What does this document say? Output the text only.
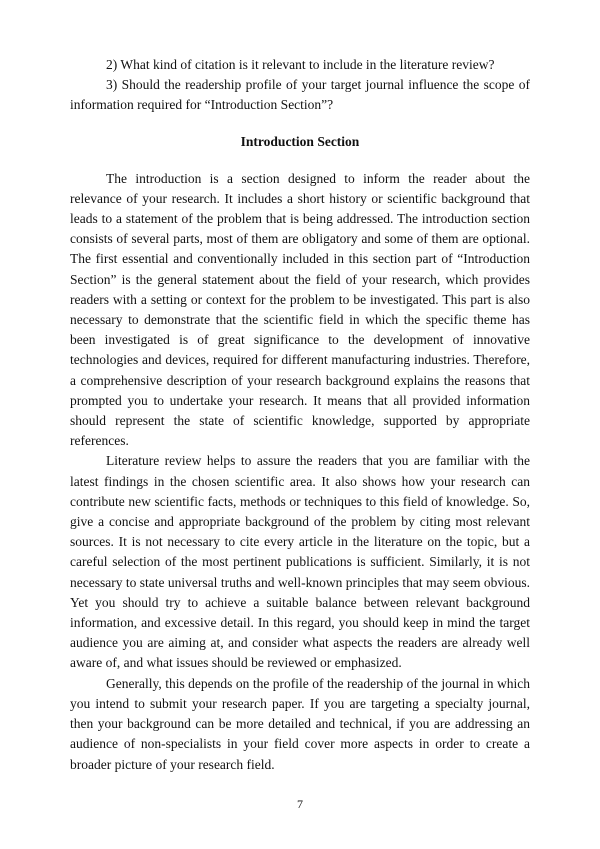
2) What kind of citation is it relevant to include in the literature review?

3) Should the readership profile of your target journal influence the scope of information required for “Introduction Section”?

Introduction Section

The introduction is a section designed to inform the reader about the relevance of your research. It includes a short history or scientific background that leads to a statement of the problem that is being addressed. The introduction section consists of several parts, most of them are obligatory and some of them are optional. The first essential and conventionally included in this section part of “Introduction Section” is the general statement about the field of your research, which provides readers with a setting or context for the problem to be investigated. This part is also necessary to demonstrate that the scientific field in which the specific theme has been investigated is of great significance to the development of innovative technologies and devices, required for different manufacturing industries. Therefore, a comprehensive description of your research background explains the reasons that prompted you to undertake your research. It means that all provided information should represent the state of scientific knowledge, supported by appropriate references.

Literature review helps to assure the readers that you are familiar with the latest findings in the chosen scientific area. It also shows how your research can contribute new scientific facts, methods or techniques to this field of knowledge. So, give a concise and appropriate background of the problem by citing most relevant sources. It is not necessary to cite every article in the literature on the topic, but a careful selection of the most pertinent publications is sufficient. Similarly, it is not necessary to state universal truths and well-known principles that may seem obvious. Yet you should try to achieve a suitable balance between relevant background information, and excessive detail. In this regard, you should keep in mind the target audience you are aiming at, and consider what aspects the readers are already well aware of, and what issues should be reviewed or emphasized.

Generally, this depends on the profile of the readership of the journal in which you intend to submit your research paper. If you are targeting a specialty journal, then your background can be more detailed and technical, if you are addressing an audience of non-specialists in your field cover more aspects in order to create a broader picture of your research field.

7
